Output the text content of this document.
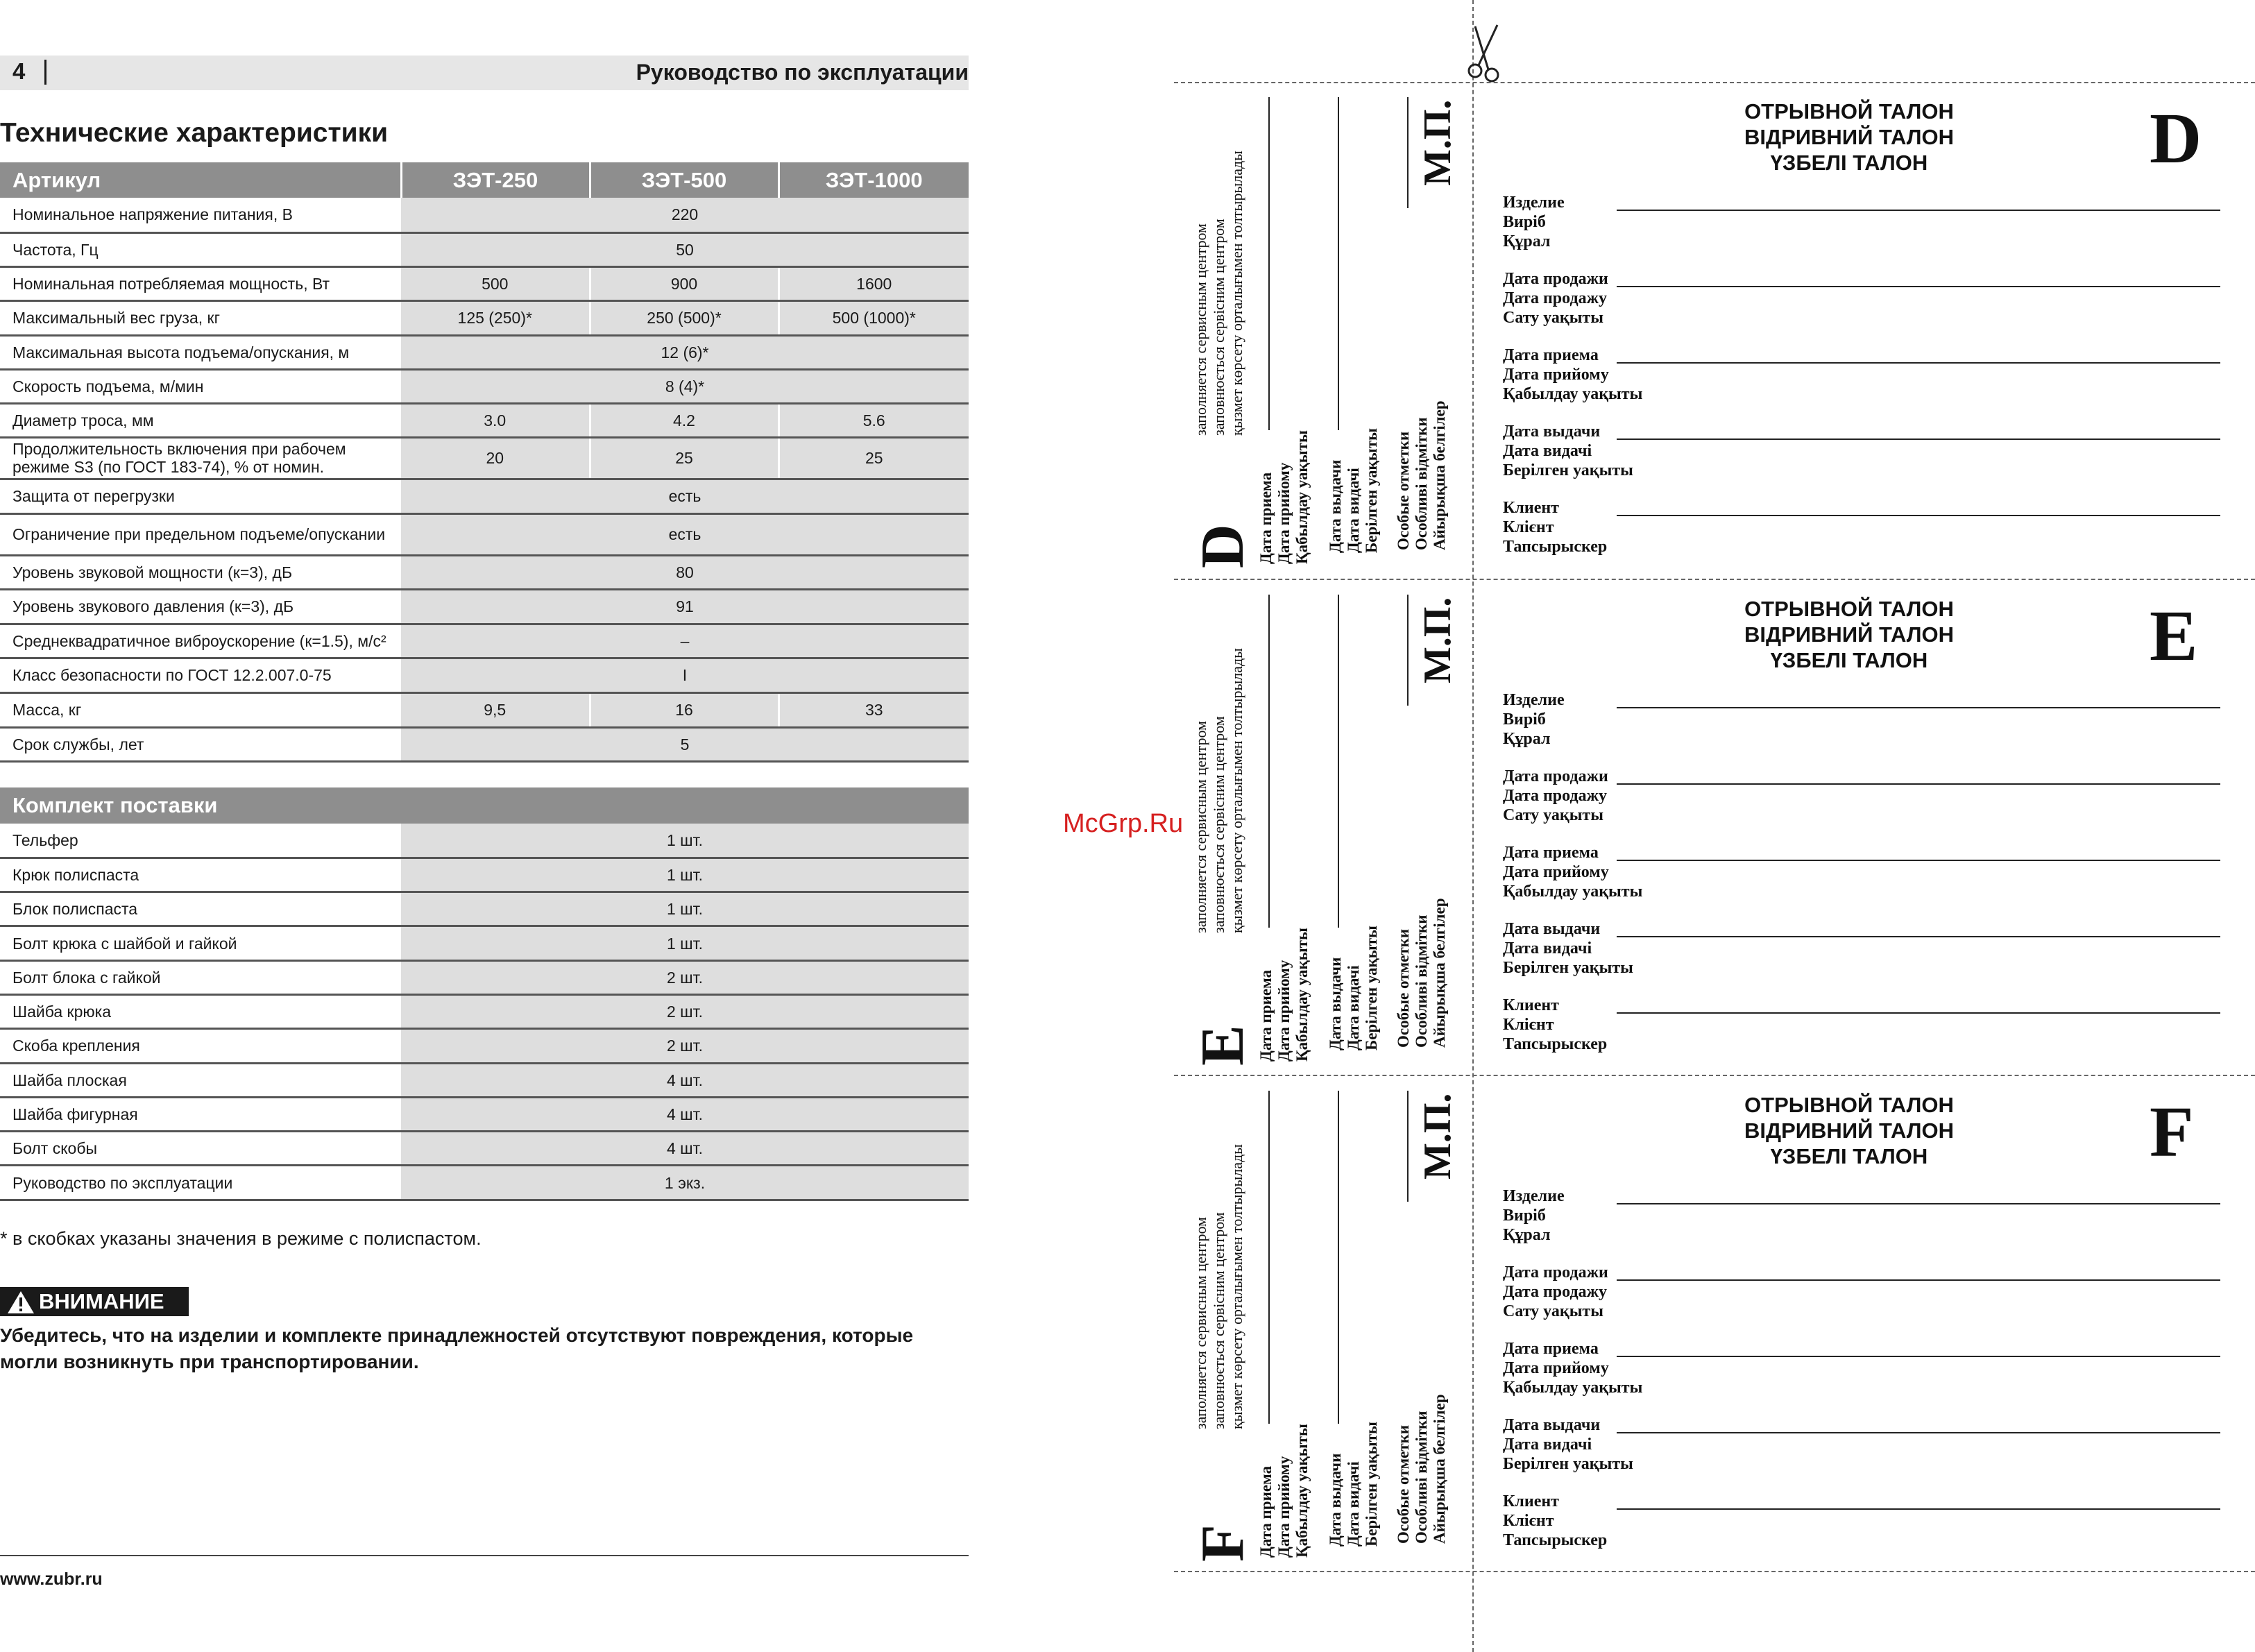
4	Руководство по эксплуатации
Технические характеристики
Артикул	ЗЭТ-250	ЗЭТ-500	ЗЭТ-1000
Номинальное напряжение питания, В	220		
Частота, Гц	50		
Номинальная потребляемая мощность, Вт	500	900	1600
Максимальный вес груза, кг	125 (250)*	250 (500)*	500 (1000)*
Максимальная высота подъема/опускания, м	12 (6)*		
Скорость подъема, м/мин	8 (4)*		
Диаметр троса, мм	3.0	4.2	5.6
Продолжительность включения при рабочем режиме S3 (по ГОСТ 183-74), % от номин.	20	25	25
Защита от перегрузки	есть		
Ограничение при предельном подъеме/опускании	есть		
Уровень звуковой мощности (к=3), дБ	80		
Уровень звукового давления (к=3), дБ	91		
Среднеквадратичное виброускорение (к=1.5), м/с²	–		
Класс безопасности по ГОСТ 12.2.007.0-75	I		
Масса, кг	9,5	16	33
Срок службы, лет	5		
Комплект поставки	
Тельфер	1 шт.
Крюк полиспаста	1 шт.
Блок полиспаста	1 шт.
Болт крюка с шайбой и гайкой	1 шт.
Болт блока с гайкой	2 шт.
Шайба крюка	2 шт.
Скоба крепления	2 шт.
Шайба плоская	4 шт.
Шайба фигурная	4 шт.
Болт скобы	4 шт.
Руководство по эксплуатации	1 экз.
* в скобках указаны значения в режиме с полиспастом.
ВНИМАНИЕ
Убедитесь, что на изделии и комплекте принадлежностей отсутствуют повреждения, которые могли возникнуть при транспортировании.
www.zubr.ru
McGrp.Ru
ОТРЫВНОЙ ТАЛОН
ВІДРИВНИЙ ТАЛОН
ҮЗБЕЛІ ТАЛОН	D
Изделие
Виріб
Құрал
Дата продажи
Дата продажу
Сату уақыты
Дата приема
Дата прийому
Қабылдау уақыты
Дата выдачи
Дата видачі
Берілген уақыты
Клиент
Клієнт
Тапсырыскер
заполняется сервисным центром заповнюється сервісним центром қызмет көрсету орталығымен толтырылады
D Дата приема Дата прийому Қабылдау уақыты Дата выдачи Дата видачі Берілген уақыты Особые отметки Особливі відмітки Айырықша белгілер
М.П.
ОТРЫВНОЙ ТАЛОН
ВІДРИВНИЙ ТАЛОН
ҮЗБЕЛІ ТАЛОН	E
Изделие
Виріб
Құрал
Дата продажи
Дата продажу
Сату уақыты
Дата приема
Дата прийому
Қабылдау уақыты
Дата выдачи
Дата видачі
Берілген уақыты
Клиент
Клієнт
Тапсырыскер
заполняется сервисным центром заповнюється сервісним центром қызмет көрсету орталығымен толтырылады
E Дата приема Дата прийому Қабылдау уақыты Дата выдачи Дата видачі Берілген уақыты Особые отметки Особливі відмітки Айырықша белгілер
М.П.
ОТРЫВНОЙ ТАЛОН
ВІДРИВНИЙ ТАЛОН
ҮЗБЕЛІ ТАЛОН	F
Изделие
Виріб
Құрал
Дата продажи
Дата продажу
Сату уақыты
Дата приема
Дата прийому
Қабылдау уақыты
Дата выдачи
Дата видачі
Берілген уақыты
Клиент
Клієнт
Тапсырыскер
заполняется сервисным центром заповнюється сервісним центром қызмет көрсету орталығымен толтырылады
F Дата приема Дата прийому Қабылдау уақыты Дата выдачи Дата видачі Берілген уақыты Особые отметки Особливі відмітки Айырықша белгілер
М.П.
